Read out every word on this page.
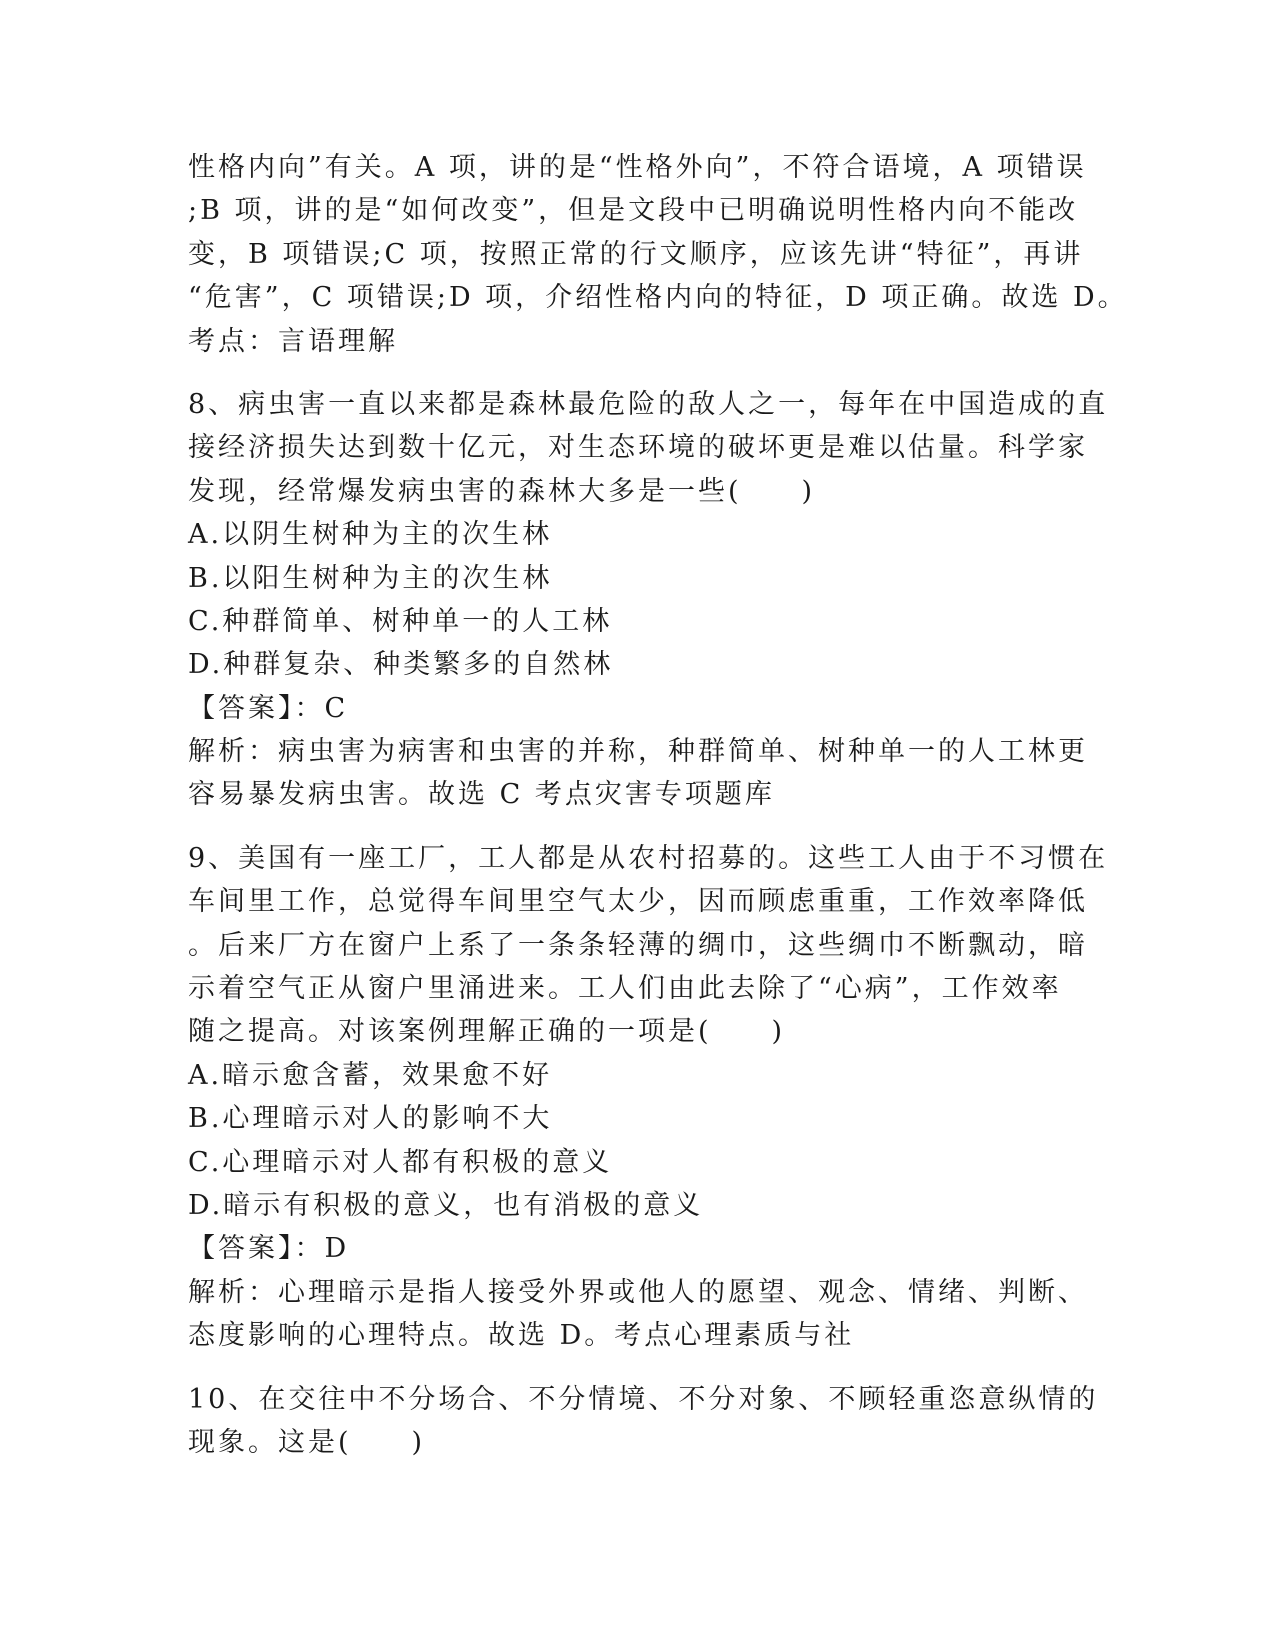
性格内向”有关。A 项，讲的是“性格外向”，不符合语境，A 项错误
;B 项，讲的是“如何改变”，但是文段中已明确说明性格内向不能改
变，B 项错误;C 项，按照正常的行文顺序，应该先讲“特征”，再讲
“危害”，C 项错误;D 项，介绍性格内向的特征，D 项正确。故选 D。
考点：言语理解
8、病虫害一直以来都是森林最危险的敌人之一，每年在中国造成的直
接经济损失达到数十亿元，对生态环境的破坏更是难以估量。科学家
发现，经常爆发病虫害的森林大多是一些(　　)
A.以阴生树种为主的次生林
B.以阳生树种为主的次生林
C.种群简单、树种单一的人工林
D.种群复杂、种类繁多的自然林
【答案】：C
解析：病虫害为病害和虫害的并称，种群简单、树种单一的人工林更
容易暴发病虫害。故选 C 考点灾害专项题库
9、美国有一座工厂，工人都是从农村招募的。这些工人由于不习惯在
车间里工作，总觉得车间里空气太少，因而顾虑重重，工作效率降低
。后来厂方在窗户上系了一条条轻薄的绸巾，这些绸巾不断飘动，暗
示着空气正从窗户里涌进来。工人们由此去除了“心病”，工作效率
随之提高。对该案例理解正确的一项是(　　)
A.暗示愈含蓄，效果愈不好
B.心理暗示对人的影响不大
C.心理暗示对人都有积极的意义
D.暗示有积极的意义，也有消极的意义
【答案】：D
解析：心理暗示是指人接受外界或他人的愿望、观念、情绪、判断、
态度影响的心理特点。故选 D。考点心理素质与社
10、在交往中不分场合、不分情境、不分对象、不顾轻重恣意纵情的
现象。这是(　　)
